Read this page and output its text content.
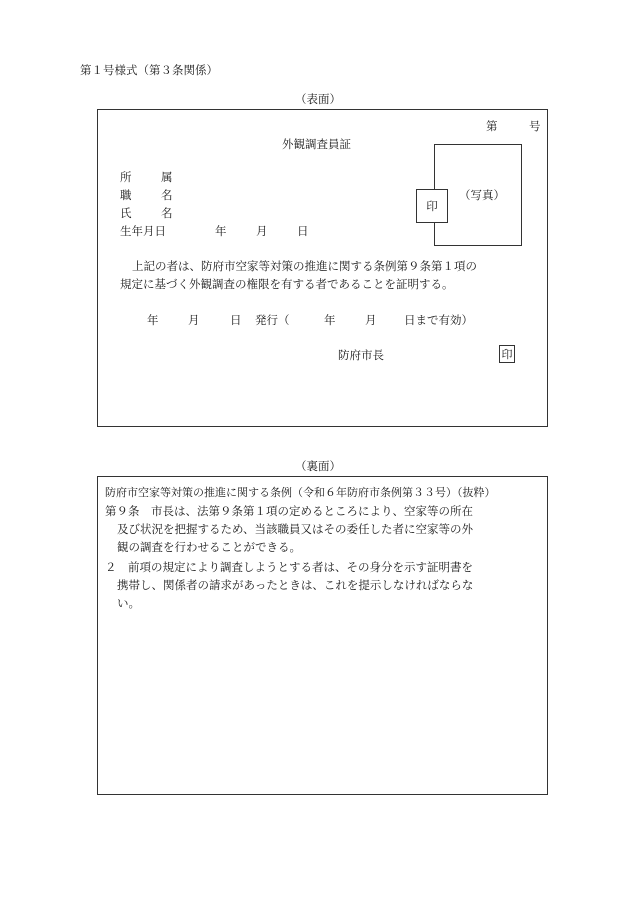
第１号様式（第３条関係）
（表面）
第	号
外観調査員証
所	属
職	名
氏	名
生年月日	年	月	日
（写真）
印
上記の者は、防府市空家等対策の推進に関する条例第９条第１項の
規定に基づく外観調査の権限を有する者であることを証明する。
年	月	日 発行（	年	月 日まで有効）
防府市長	印
（裏面）
防府市空家等対策の推進に関する条例（令和６年防府市条例第３３号）（抜粋）
第９条　市長は、法第９条第１項の定めるところにより、空家等の所在
及び状況を把握するため、当該職員又はその委任した者に空家等の外
観の調査を行わせることができる。
２　前項の規定により調査しようとする者は、その身分を示す証明書を
携帯し、関係者の請求があったときは、これを提示しなければならな
い。
